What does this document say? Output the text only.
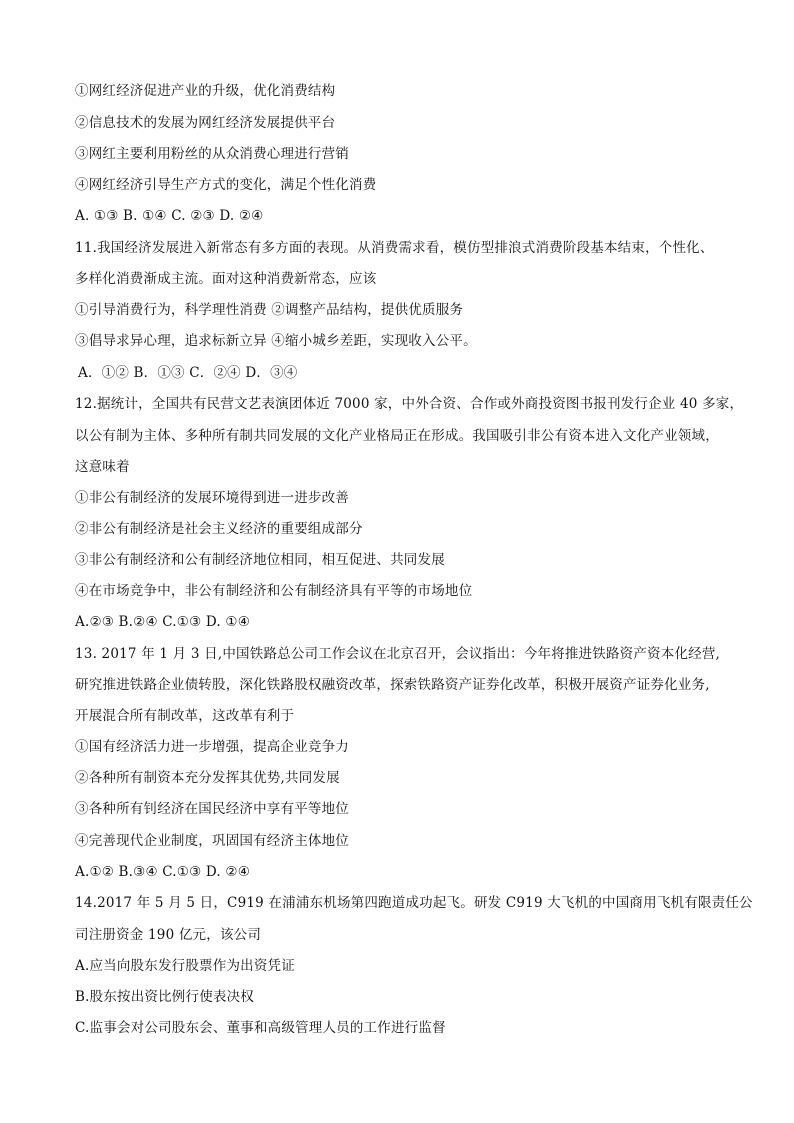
①网红经济促进产业的升级，优化消费结构
②信息技术的发展为网红经济发展提供平台
③网红主要利用粉丝的从众消费心理进行营销
④网红经济引导生产方式的变化，满足个性化消费
A. ①③ B. ①④ C. ②③ D. ②④
11.我国经济发展进入新常态有多方面的表现。从消费需求看，模仿型排浪式消费阶段基本结束，个性化、
多样化消费渐成主流。面对这种消费新常态，应该
①引导消费行为，科学理性消费 ②调整产品结构，提供优质服务
③倡导求异心理，追求标新立异 ④缩小城乡差距，实现收入公平。
A．①② B．①③ C．②④ D．③④
12.据统计，全国共有民营文艺表演团体近 7000 家，中外合资、合作或外商投资图书报刊发行企业 40 多家，
以公有制为主体、多种所有制共同发展的文化产业格局正在形成。我国吸引非公有资本进入文化产业领域，
这意味着
①非公有制经济的发展环境得到进一进步改善
②非公有制经济是社会主义经济的重要组成部分
③非公有制经济和公有制经济地位相同，相互促进、共同发展
④在市场竞争中，非公有制经济和公有制经济具有平等的市场地位
A.②③ B.②④ C.①③ D. ①④
13. 2017 年 1 月 3 日,中国铁路总公司工作会议在北京召开，会议指出：今年将推进铁路资产资本化经营,
研究推进铁路企业债转股，深化铁路股权融资改革，探索铁路资产证券化改革，积极开展资产证券化业务,
开展混合所有制改革，这改革有利于
①国有经济活力进一步增强，提高企业竞争力
②各种所有制资本充分发挥其优势,共同发展
③各种所有钊经济在国民经济中享有平等地位
④完善现代企业制度，巩固国有经济主体地位
A.①② B.③④ C.①③ D. ②④
14.2017 年 5 月 5 日，C919 在浦浦东机场第四跑道成功起飞。研发 C919 大飞机的中国商用飞机有限责任公
司注册资金 190 亿元，该公司
A.应当向股东发行股票作为出资凭证
B.股东按出资比例行使表决权
C.监事会对公司股东会、董事和高级管理人员的工作进行监督
